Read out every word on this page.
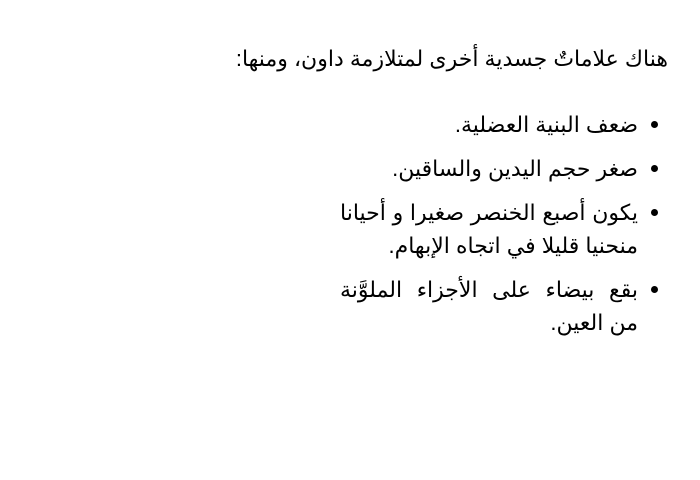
هناك علاماتٌ جسدية أخرى لمتلازمة داون، ومنها:

ضعف البنية العضلية.
صغر حجم اليدين والساقين.
يكون أصبع الخنصر صغيرا و أحيانا منحنيا قليلا في اتجاه الإبهام.
بقع بيضاء على الأجزاء الملوَّنة من العين.
